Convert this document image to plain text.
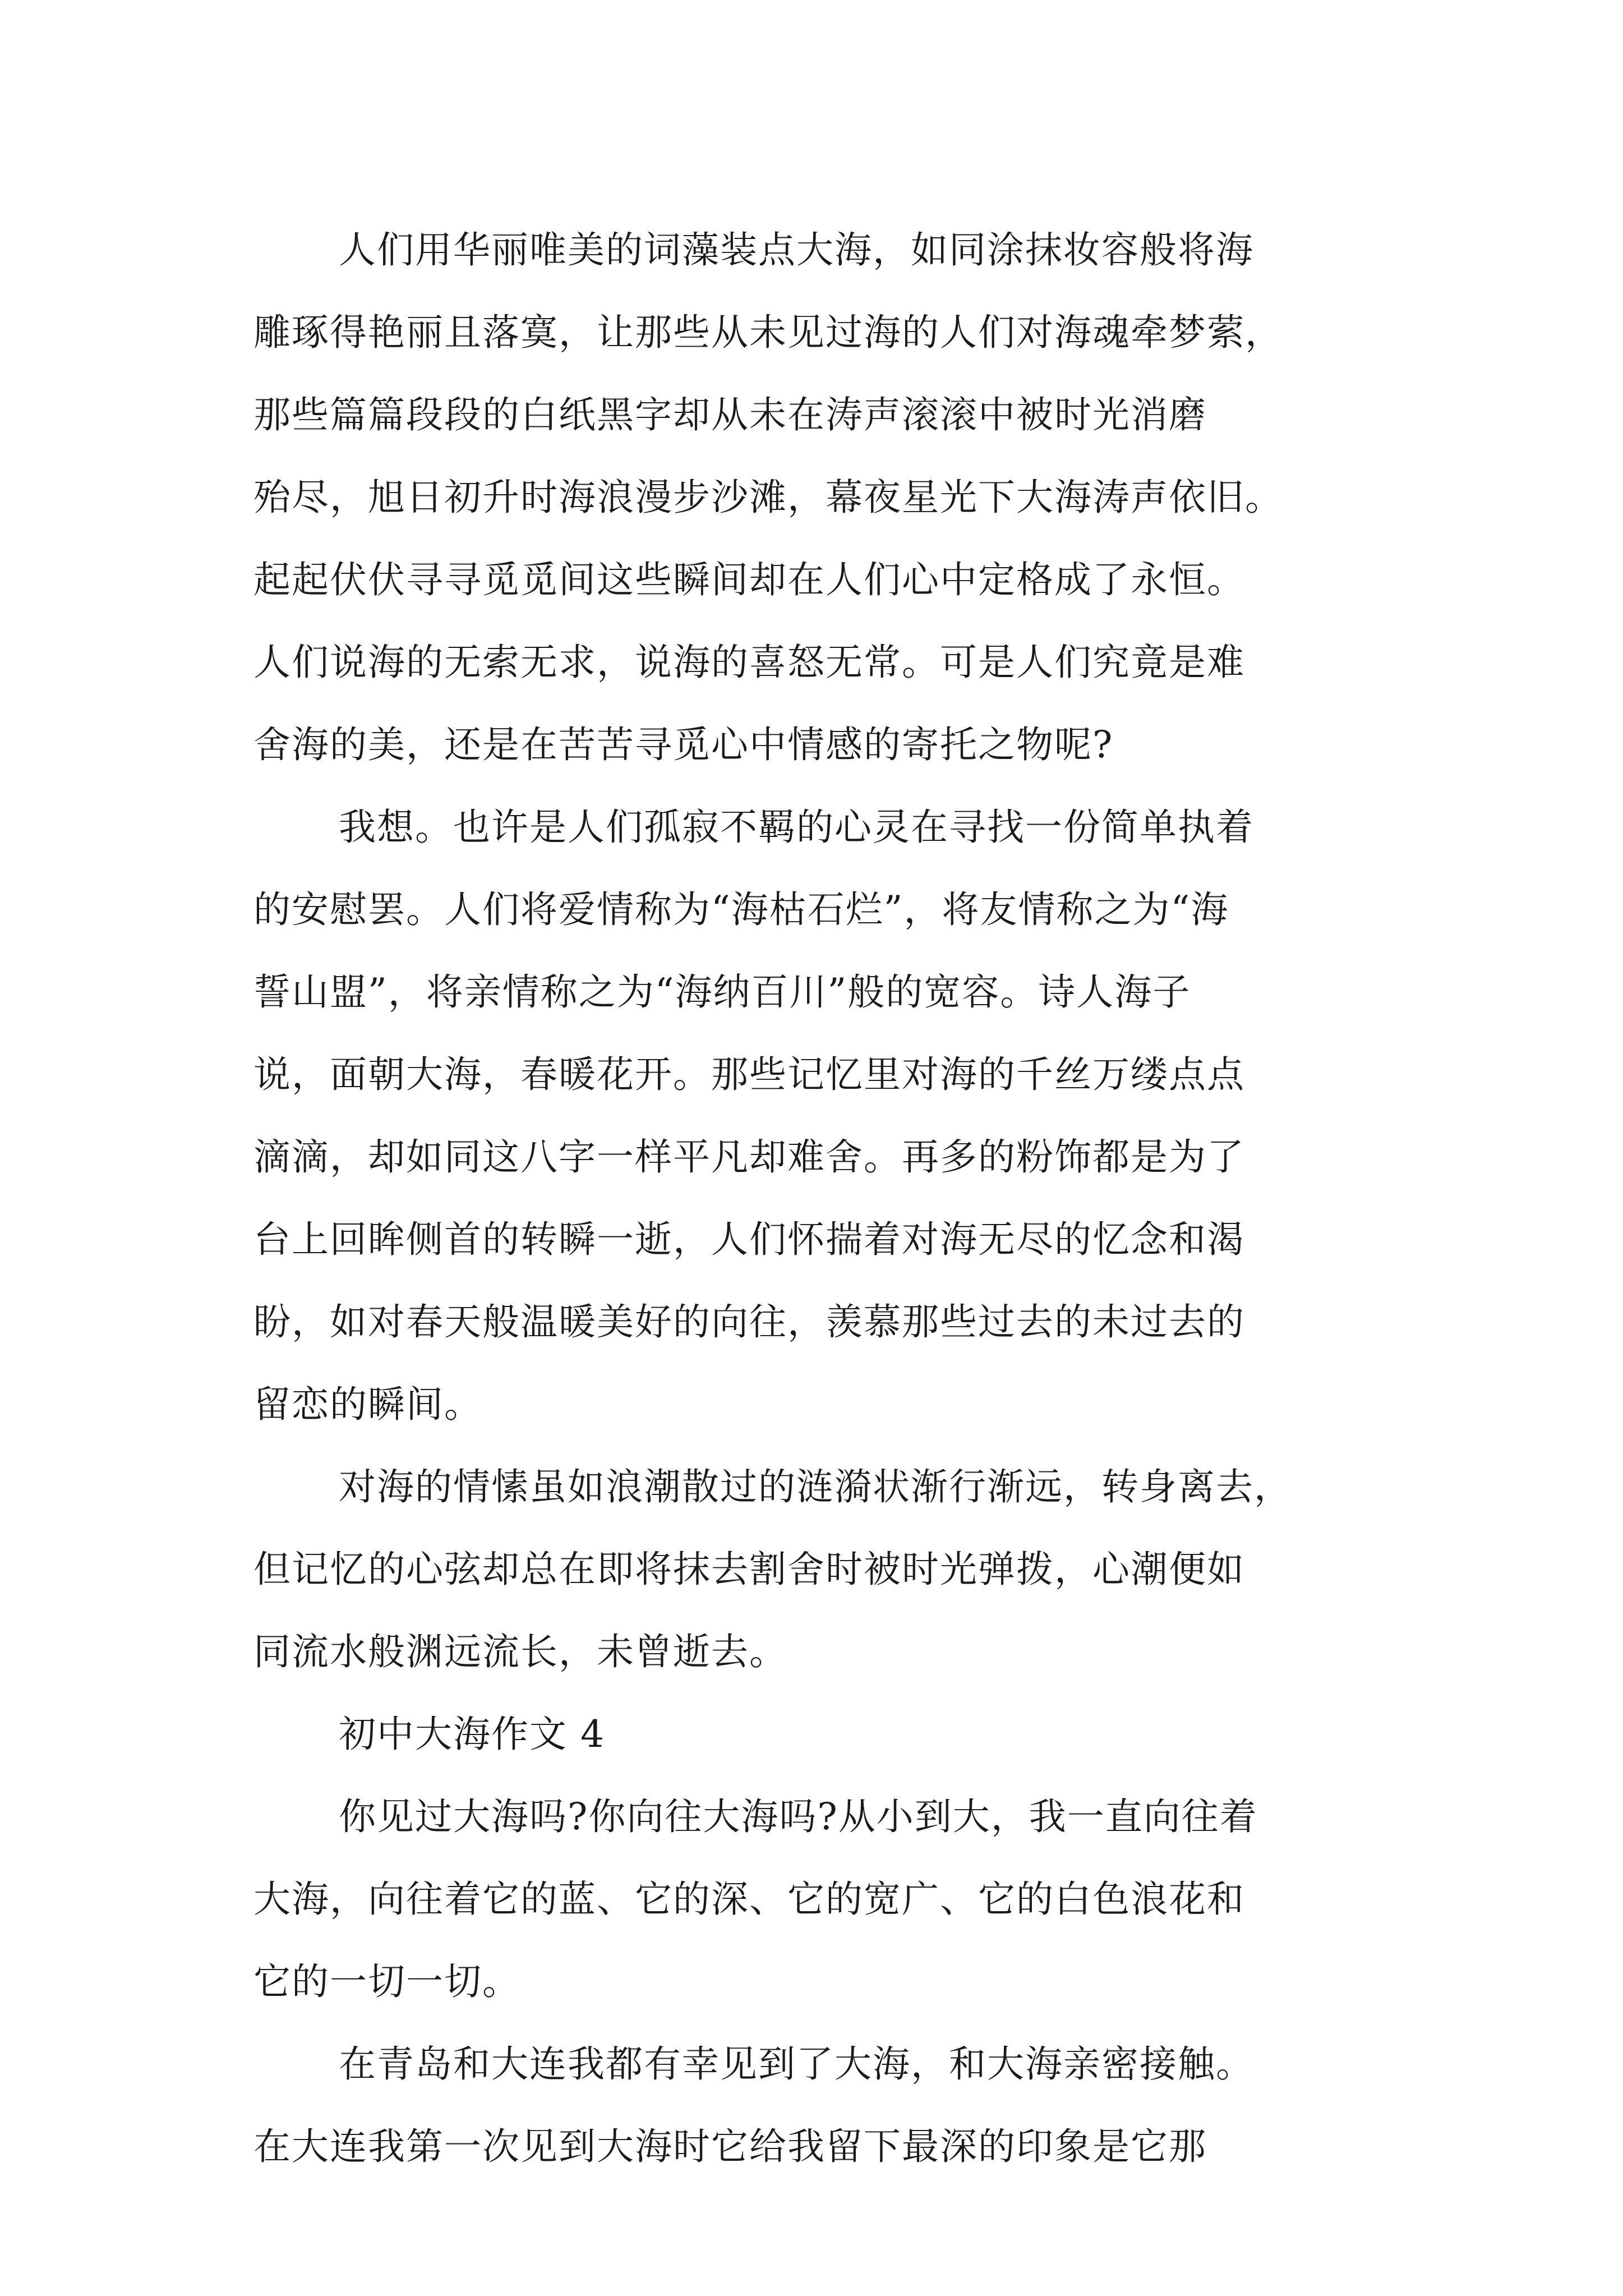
人们用华丽唯美的词藻装点大海，如同涂抹妆容般将海
雕琢得艳丽且落寞，让那些从未见过海的人们对海魂牵梦萦，
那些篇篇段段的白纸黑字却从未在涛声滚滚中被时光消磨
殆尽，旭日初升时海浪漫步沙滩，幕夜星光下大海涛声依旧。
起起伏伏寻寻觅觅间这些瞬间却在人们心中定格成了永恒。
人们说海的无索无求，说海的喜怒无常。可是人们究竟是难
舍海的美，还是在苦苦寻觅心中情感的寄托之物呢?
我想。也许是人们孤寂不羁的心灵在寻找一份简单执着
的安慰罢。人们将爱情称为“海枯石烂”，将友情称之为“海
誓山盟”，将亲情称之为“海纳百川”般的宽容。诗人海子
说，面朝大海，春暖花开。那些记忆里对海的千丝万缕点点
滴滴，却如同这八字一样平凡却难舍。再多的粉饰都是为了
台上回眸侧首的转瞬一逝，人们怀揣着对海无尽的忆念和渴
盼，如对春天般温暖美好的向往，羡慕那些过去的未过去的
留恋的瞬间。
对海的情愫虽如浪潮散过的涟漪状渐行渐远，转身离去，
但记忆的心弦却总在即将抹去割舍时被时光弹拨，心潮便如
同流水般渊远流长，未曾逝去。
初中大海作文 4
你见过大海吗?你向往大海吗?从小到大，我一直向往着
大海，向往着它的蓝、它的深、它的宽广、它的白色浪花和
它的一切一切。
在青岛和大连我都有幸见到了大海，和大海亲密接触。
在大连我第一次见到大海时它给我留下最深的印象是它那
